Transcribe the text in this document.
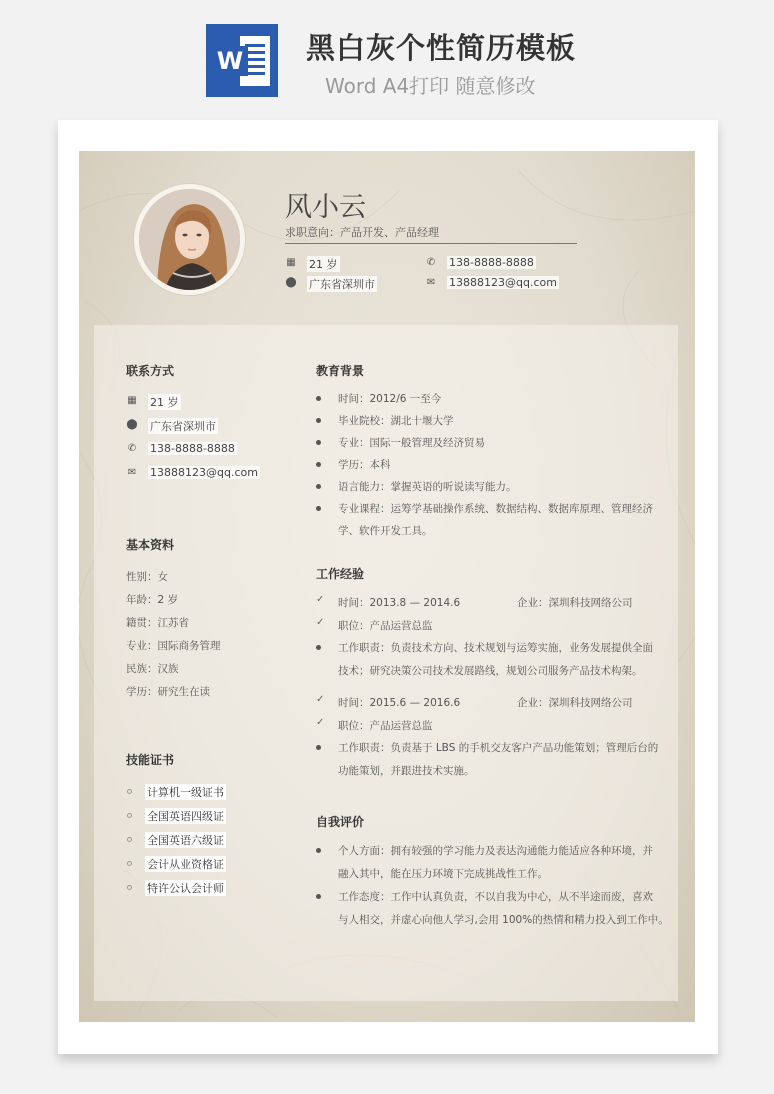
W 黑白灰个性简历模板
Word A4打印 随意修改
风小云
求职意向：产品开发、产品经理
▦ 21 岁
⬤ 广东省深圳市
✆ 138-8888-8888
✉ 13888123@qq.com
联系方式
▦ 21 岁
⬤ 广东省深圳市
✆ 138-8888-8888
✉ 13888123@qq.com
基本资料
性别：女
年龄：2 岁
籍贯：江苏省
专业：国际商务管理
民族：汉族
学历：研究生在读
技能证书
计算机一级证书
全国英语四级证
全国英语六级证
会计从业资格证
特许公认会计师
教育背景
时间：2012/6 一至今
毕业院校：湖北十堰大学
专业：国际一般管理及经济贸易
学历：本科
语言能力：掌握英语的听说读写能力。
专业课程：运筹学基础操作系统、数据结构、数据库原理、管理经济
学、软件开发工具。
工作经验
✓ 时间：2013.8 — 2014.6	企业：深圳科技网络公司
✓ 职位：产品运营总监
工作职责：负责技术方向、技术规划与运筹实施，业务发展提供全面
技术；研究决策公司技术发展路线，规划公司服务产品技术构架。
✓ 时间：2015.6 — 2016.6	企业：深圳科技网络公司
✓ 职位：产品运营总监
工作职责：负责基于 LBS 的手机交友客户产品功能策划；管理后台的
功能策划，并跟进技术实施。
自我评价
个人方面：拥有较强的学习能力及表达沟通能力能适应各种环境，并
融入其中，能在压力环境下完成挑战性工作。
工作态度：工作中认真负责，不以自我为中心，从不半途而废，喜欢
与人相交，并虚心向他人学习,会用 100%的热情和精力投入到工作中。
